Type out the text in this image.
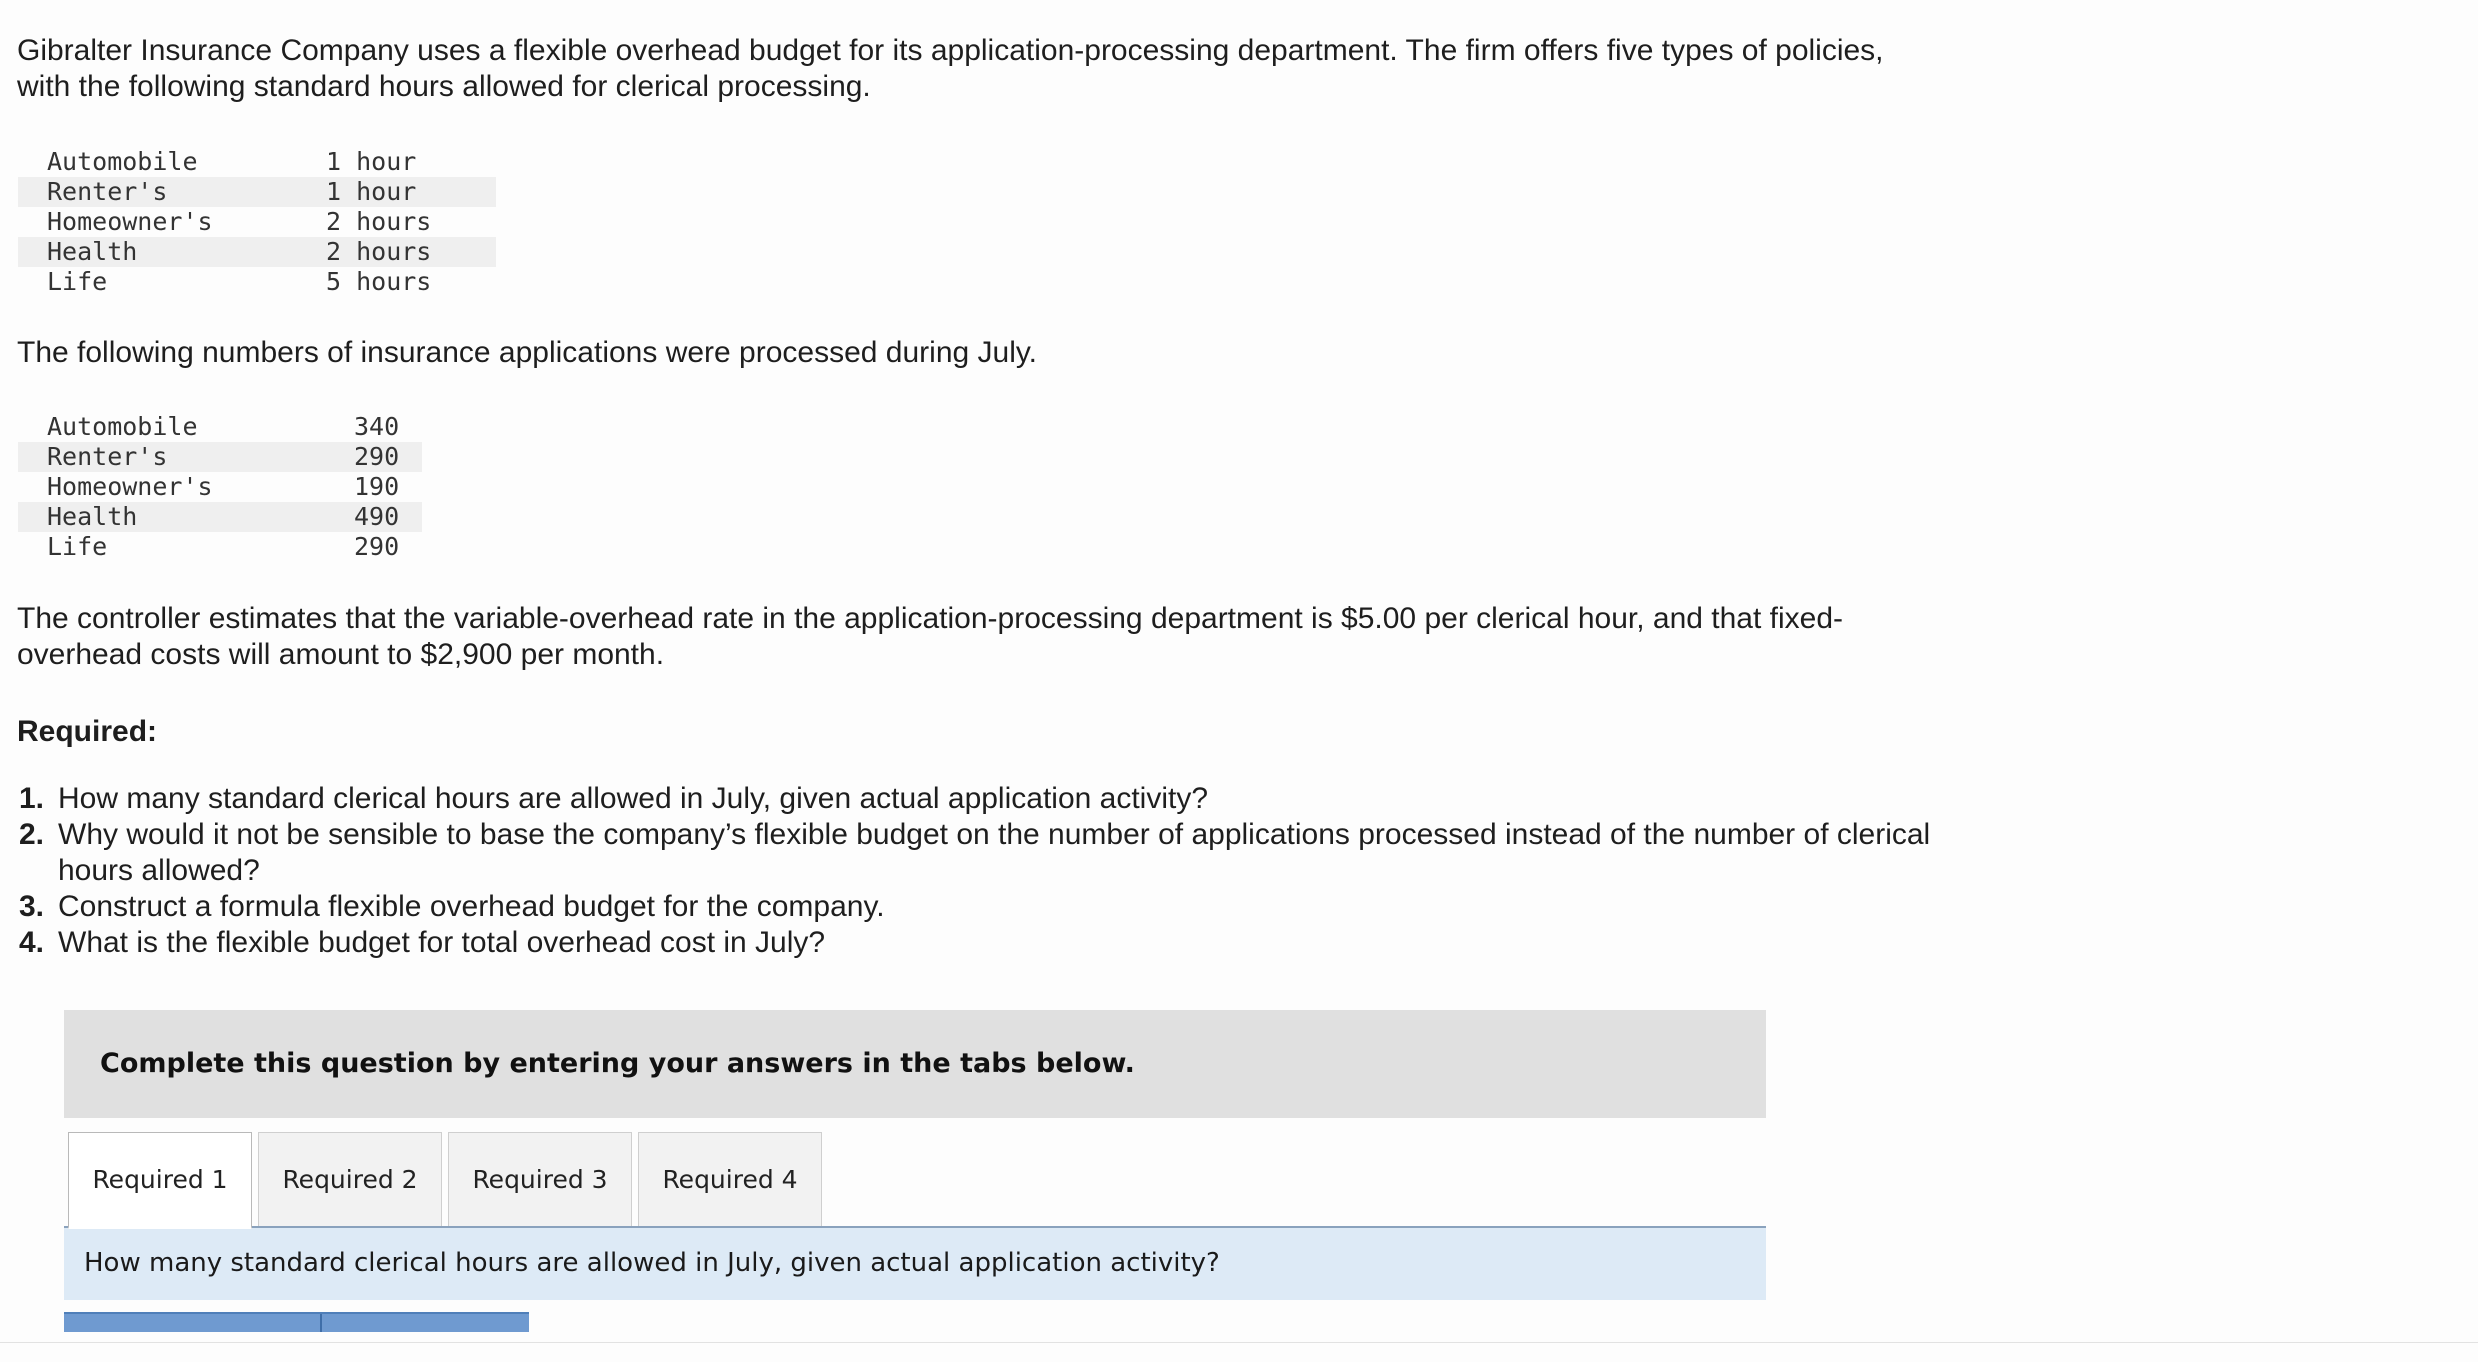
Gibralter Insurance Company uses a flexible overhead budget for its application-processing department. The firm offers five types of policies, with the following standard hours allowed for clerical processing.

Automobile	1 hour
Renter's	1 hour
Homeowner's	2 hours
Health	2 hours
Life	5 hours

The following numbers of insurance applications were processed during July.

Automobile	340
Renter's	290
Homeowner's	190
Health	490
Life	290

The controller estimates that the variable-overhead rate in the application-processing department is $5.00 per clerical hour, and that fixed-overhead costs will amount to $2,900 per month.

Required:

1. How many standard clerical hours are allowed in July, given actual application activity?
2. Why would it not be sensible to base the company’s flexible budget on the number of applications processed instead of the number of clerical hours allowed?
3. Construct a formula flexible overhead budget for the company.
4. What is the flexible budget for total overhead cost in July?
Complete this question by entering your answers in the tabs below.
Required 1	Required 2	Required 3	Required 4
How many standard clerical hours are allowed in July, given actual application activity?
